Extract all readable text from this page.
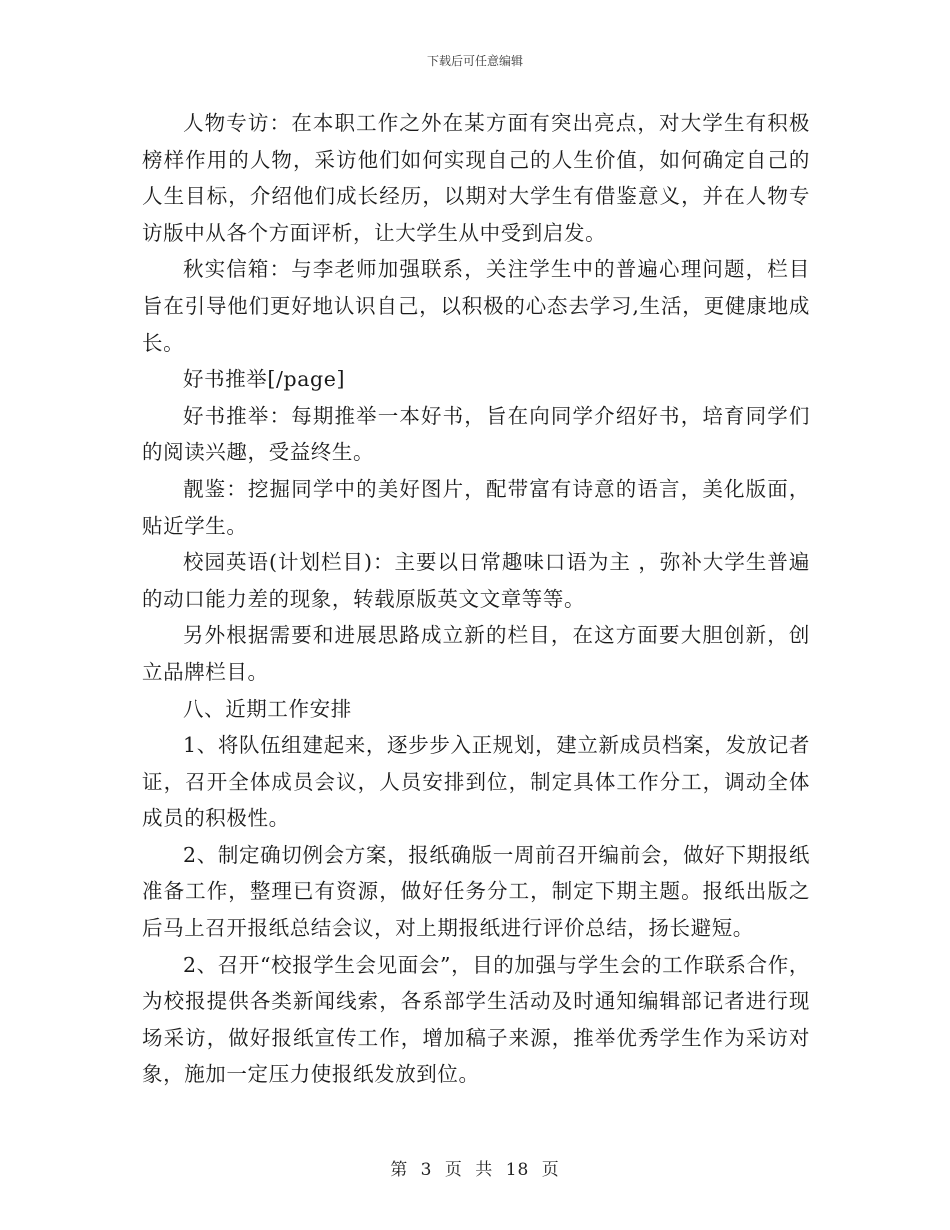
下载后可任意编辑

人物专访：在本职工作之外在某方面有突出亮点，对大学生有积极榜样作用的人物，采访他们如何实现自己的人生价值，如何确定自己的人生目标，介绍他们成长经历，以期对大学生有借鉴意义，并在人物专访版中从各个方面评析，让大学生从中受到启发。

秋实信箱：与李老师加强联系，关注学生中的普遍心理问题，栏目旨在引导他们更好地认识自己，以积极的心态去学习,生活，更健康地成长。

好书推举[/page]

好书推举：每期推举一本好书，旨在向同学介绍好书，培育同学们的阅读兴趣，受益终生。

靓鉴：挖掘同学中的美好图片，配带富有诗意的语言，美化版面，贴近学生。

校园英语(计划栏目)：主要以日常趣味口语为主 ，弥补大学生普遍的动口能力差的现象，转载原版英文文章等等。

另外根据需要和进展思路成立新的栏目，在这方面要大胆创新，创立品牌栏目。

八、近期工作安排

1、将队伍组建起来，逐步步入正规划，建立新成员档案，发放记者证，召开全体成员会议，人员安排到位，制定具体工作分工，调动全体成员的积极性。

2、制定确切例会方案，报纸确版一周前召开编前会，做好下期报纸准备工作，整理已有资源，做好任务分工，制定下期主题。报纸出版之后马上召开报纸总结会议，对上期报纸进行评价总结，扬长避短。

2、召开“校报学生会见面会”，目的加强与学生会的工作联系合作，为校报提供各类新闻线索，各系部学生活动及时通知编辑部记者进行现场采访，做好报纸宣传工作，增加稿子来源，推举优秀学生作为采访对象，施加一定压力使报纸发放到位。

第 3 页 共 18 页
